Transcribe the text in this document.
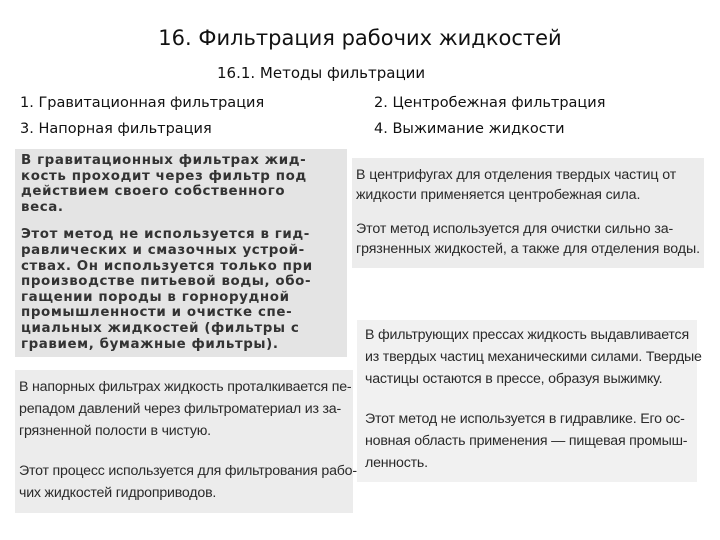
16. Фильтрация рабочих жидкостей
16.1. Методы фильтрации
1. Гравитационная фильтрация	2. Центробежная фильтрация
3. Напорная фильтрация	4. Выжимание жидкости

В гравитационных фильтрах жид-

кость проходит через фильтр под

действием своего собственного

веса.

Этот метод не используется в гид-

равлических и смазочных устрой-

ствах. Он используется только при

производстве питьевой воды, обо-

гащении породы в горнорудной

промышленности и очистке спе-

циальных жидкостей (фильтры с

гравием, бумажные фильтры).

В центрифугах для отделения твердых частиц от

жидкости применяется центробежная сила.

Этот метод используется для очистки сильно за-

грязненных жидкостей, а также для отделения воды.

В фильтрующих прессах жидкость выдавливается

из твердых частиц механическими силами. Твердые

частицы остаются в прессе, образуя выжимку.

Этот метод не используется в гидравлике. Его ос-

новная область применения — пищевая промыш-

ленность.

В напорных фильтрах жидкость проталкивается пе-

репадом давлений через фильтроматериал из за-

грязненной полости в чистую.

Этот процесс используется для фильтрования рабо-

чих жидкостей гидроприводов.
